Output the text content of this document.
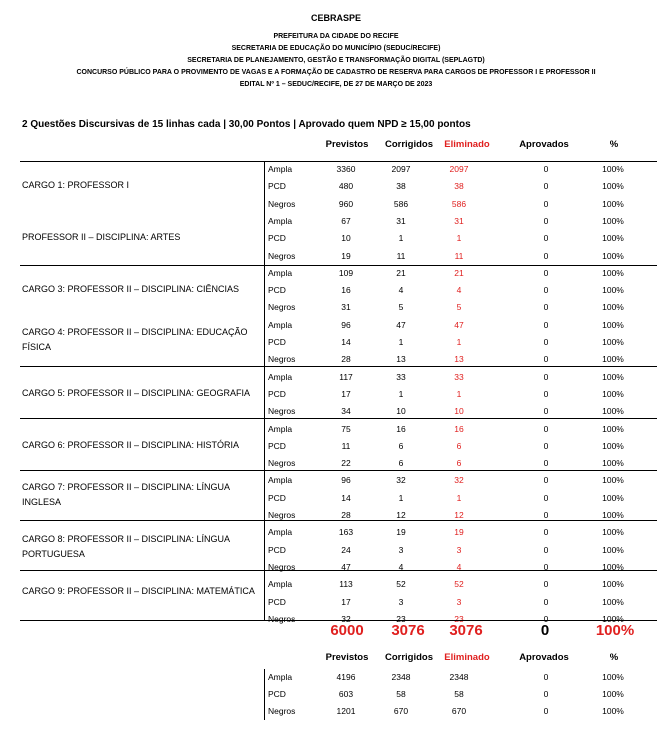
CEBRASPE
PREFEITURA DA CIDADE DO RECIFE
SECRETARIA DE EDUCAÇÃO DO MUNICÍPIO (SEDUC/RECIFE)
SECRETARIA DE PLANEJAMENTO, GESTÃO E TRANSFORMAÇÃO DIGITAL (SEPLAGTD)
CONCURSO PÚBLICO PARA O PROVIMENTO DE VAGAS E A FORMAÇÃO DE CADASTRO DE RESERVA PARA CARGOS DE PROFESSOR I E PROFESSOR II
EDITAL Nº 1 – SEDUC/RECIFE, DE 27 DE MARÇO DE 2023
2 Questões Discursivas de 15 linhas cada | 30,00 Pontos | Aprovado quem NPD ≥ 15,00 pontos
Previstos	Corrigidos	Eliminado	Aprovados	%
CARGO 1: PROFESSOR I
Ampla	3360	2097	2097	0	100%
PCD	480	38	38	0	100%
Negros	960	586	586	0	100%
PROFESSOR II – DISCIPLINA: ARTES
Ampla	67	31	31	0	100%
PCD	10	1	1	0	100%
Negros	19	11	11	0	100%
CARGO 3: PROFESSOR II – DISCIPLINA: CIÊNCIAS
Ampla	109	21	21	0	100%
PCD	16	4	4	0	100%
Negros	31	5	5	0	100%
CARGO 4: PROFESSOR II – DISCIPLINA: EDUCAÇÃO FÍSICA
Ampla	96	47	47	0	100%
PCD	14	1	1	0	100%
Negros	28	13	13	0	100%
CARGO 5: PROFESSOR II – DISCIPLINA: GEOGRAFIA
Ampla	117	33	33	0	100%
PCD	17	1	1	0	100%
Negros	34	10	10	0	100%
CARGO 6: PROFESSOR II – DISCIPLINA: HISTÓRIA
Ampla	75	16	16	0	100%
PCD	11	6	6	0	100%
Negros	22	6	6	0	100%
CARGO 7: PROFESSOR II – DISCIPLINA: LÍNGUA INGLESA
Ampla	96	32	32	0	100%
PCD	14	1	1	0	100%
Negros	28	12	12	0	100%
CARGO 8: PROFESSOR II – DISCIPLINA: LÍNGUA PORTUGUESA
Ampla	163	19	19	0	100%
PCD	24	3	3	0	100%
Negros	47	4	4	0	100%
CARGO 9: PROFESSOR II – DISCIPLINA: MATEMÁTICA
Ampla	113	52	52	0	100%
PCD	17	3	3	0	100%
Negros	32	23	23	0	100%
6000	3076	3076	0	100%
Previstos	Corrigidos	Eliminado	Aprovados	%
Ampla	4196	2348	2348	0	100%
PCD	603	58	58	0	100%
Negros	1201	670	670	0	100%
